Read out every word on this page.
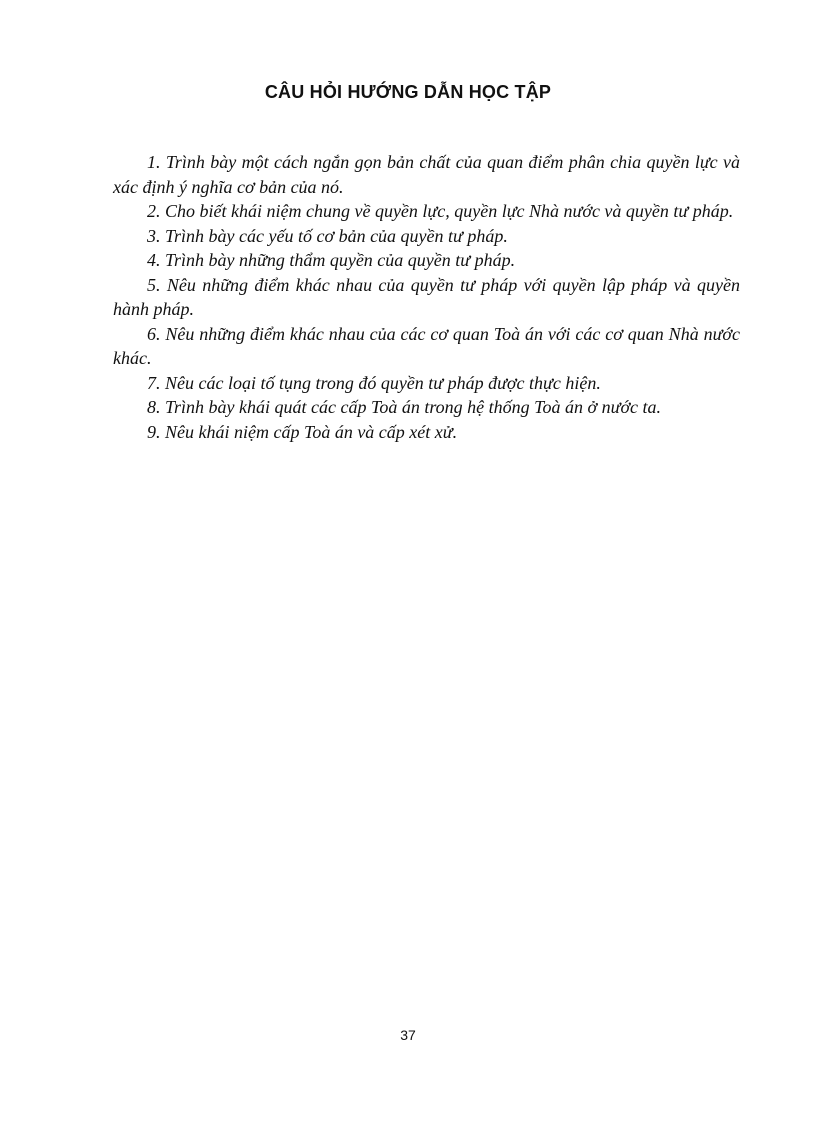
CÂU HỎI HƯỚNG DẪN HỌC TẬP

1. Trình bày một cách ngắn gọn bản chất của quan điểm phân chia quyền lực và xác định ý nghĩa cơ bản của nó.

2. Cho biết khái niệm chung về quyền lực, quyền lực Nhà nước và quyền tư pháp.

3. Trình bày các yếu tố cơ bản của quyền tư pháp.

4. Trình bày những thẩm quyền của quyền tư pháp.

5. Nêu những điểm khác nhau của quyền tư pháp với quyền lập pháp và quyền hành pháp.

6. Nêu những điểm khác nhau của các cơ quan Toà án với các cơ quan Nhà nước khác.

7. Nêu các loại tố tụng trong đó quyền tư pháp được thực hiện.

8. Trình bày khái quát các cấp Toà án trong hệ thống Toà án ở nước ta.

9. Nêu khái niệm cấp Toà án và cấp xét xử.

37
